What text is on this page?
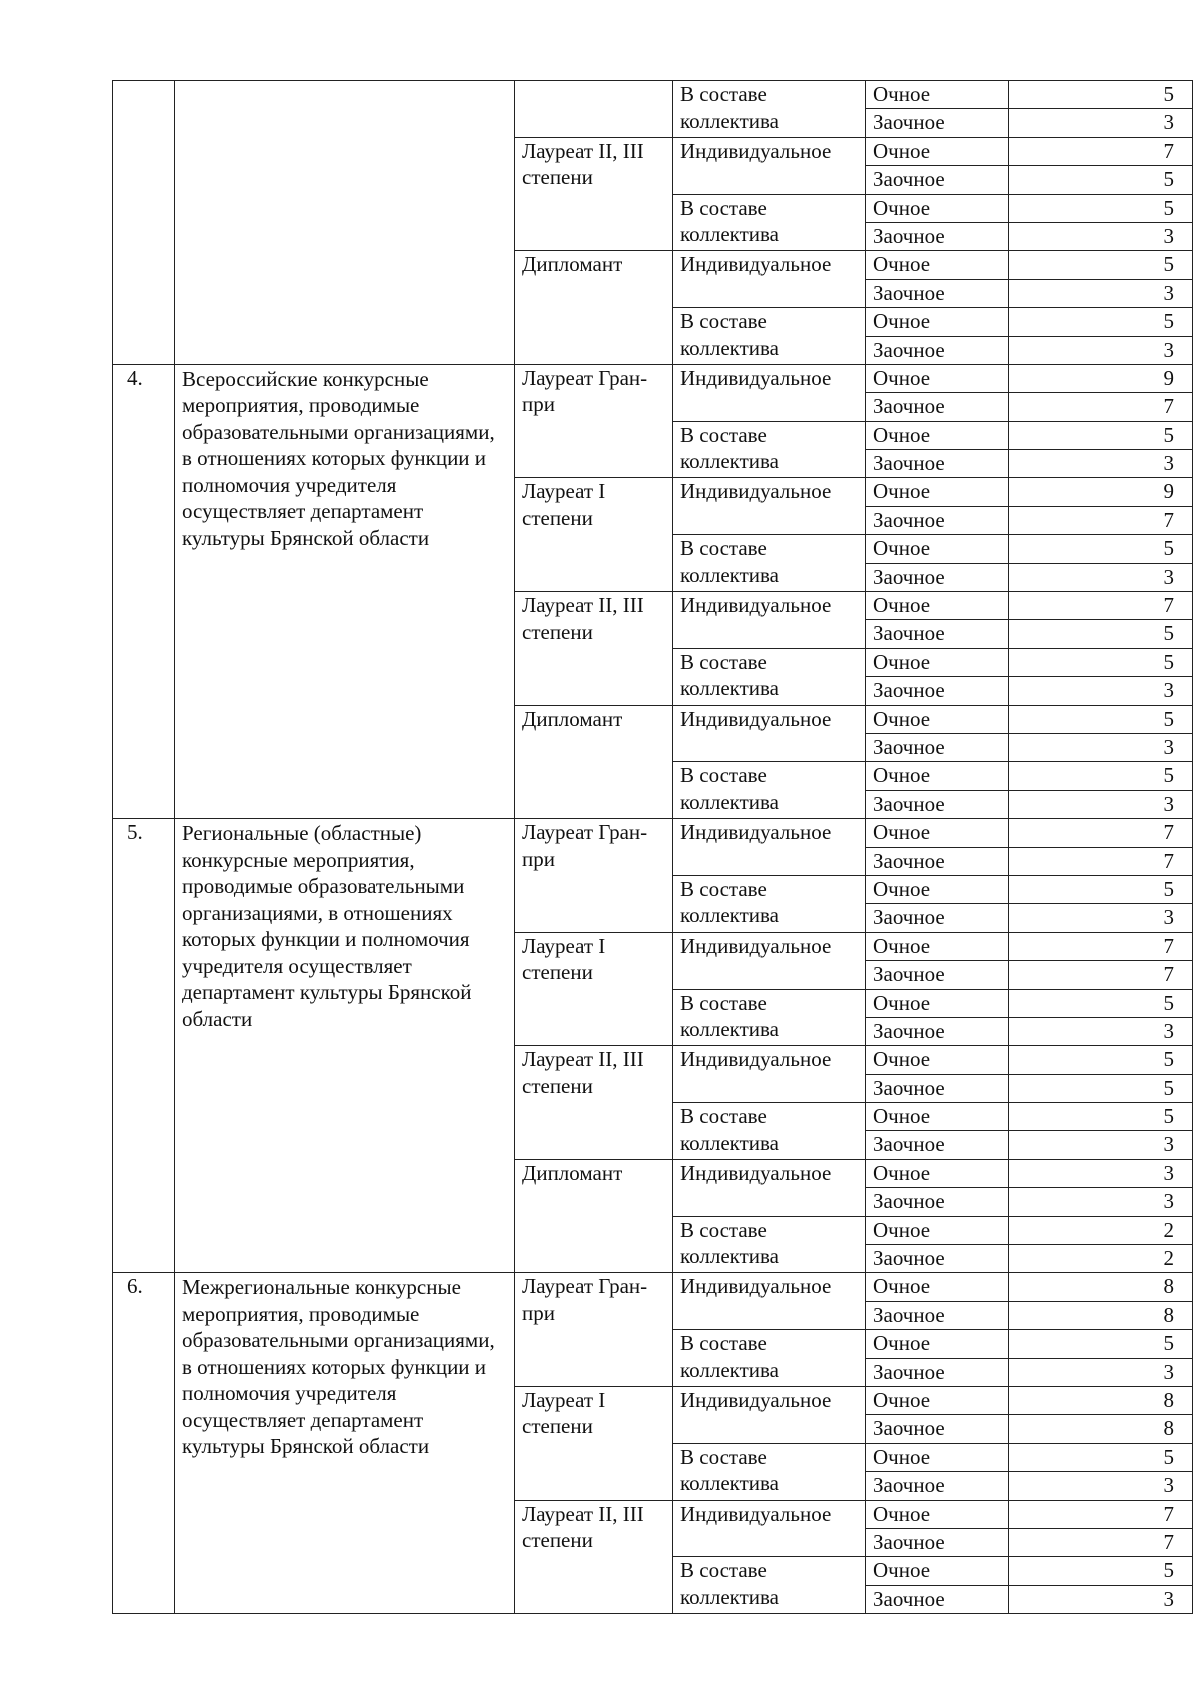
			В составе коллектива	Очное	5
				Заочное	3
		Лауреат II, III степени	Индивидуальное	Очное	7
				Заочное	5
			В составе коллектива	Очное	5
				Заочное	3
		Дипломант	Индивидуальное	Очное	5
				Заочное	3
			В составе коллектива	Очное	5
				Заочное	3
4.	Всероссийские конкурсные мероприятия, проводимые образовательными организациями, в отношениях которых функции и полномочия учредителя осуществляет департамент культуры Брянской области	Лауреат Гран-при	Индивидуальное	Очное	9
				Заочное	7
			В составе коллектива	Очное	5
				Заочное	3
		Лауреат I степени	Индивидуальное	Очное	9
				Заочное	7
			В составе коллектива	Очное	5
				Заочное	3
		Лауреат II, III степени	Индивидуальное	Очное	7
				Заочное	5
			В составе коллектива	Очное	5
				Заочное	3
		Дипломант	Индивидуальное	Очное	5
				Заочное	3
			В составе коллектива	Очное	5
				Заочное	3
5.	Региональные (областные) конкурсные мероприятия, проводимые образовательными организациями, в отношениях которых функции и полномочия учредителя осуществляет департамент культуры Брянской области	Лауреат Гран-при	Индивидуальное	Очное	7
				Заочное	7
			В составе коллектива	Очное	5
				Заочное	3
		Лауреат I степени	Индивидуальное	Очное	7
				Заочное	7
			В составе коллектива	Очное	5
				Заочное	3
		Лауреат II, III степени	Индивидуальное	Очное	5
				Заочное	5
			В составе коллектива	Очное	5
				Заочное	3
		Дипломант	Индивидуальное	Очное	3
				Заочное	3
			В составе коллектива	Очное	2
				Заочное	2
6.	Межрегиональные конкурсные мероприятия, проводимые образовательными организациями, в отношениях которых функции и полномочия учредителя осуществляет департамент культуры Брянской области	Лауреат Гран-при	Индивидуальное	Очное	8
				Заочное	8
			В составе коллектива	Очное	5
				Заочное	3
		Лауреат I степени	Индивидуальное	Очное	8
				Заочное	8
			В составе коллектива	Очное	5
				Заочное	3
		Лауреат II, III степени	Индивидуальное	Очное	7
				Заочное	7
			В составе коллектива	Очное	5
				Заочное	3
